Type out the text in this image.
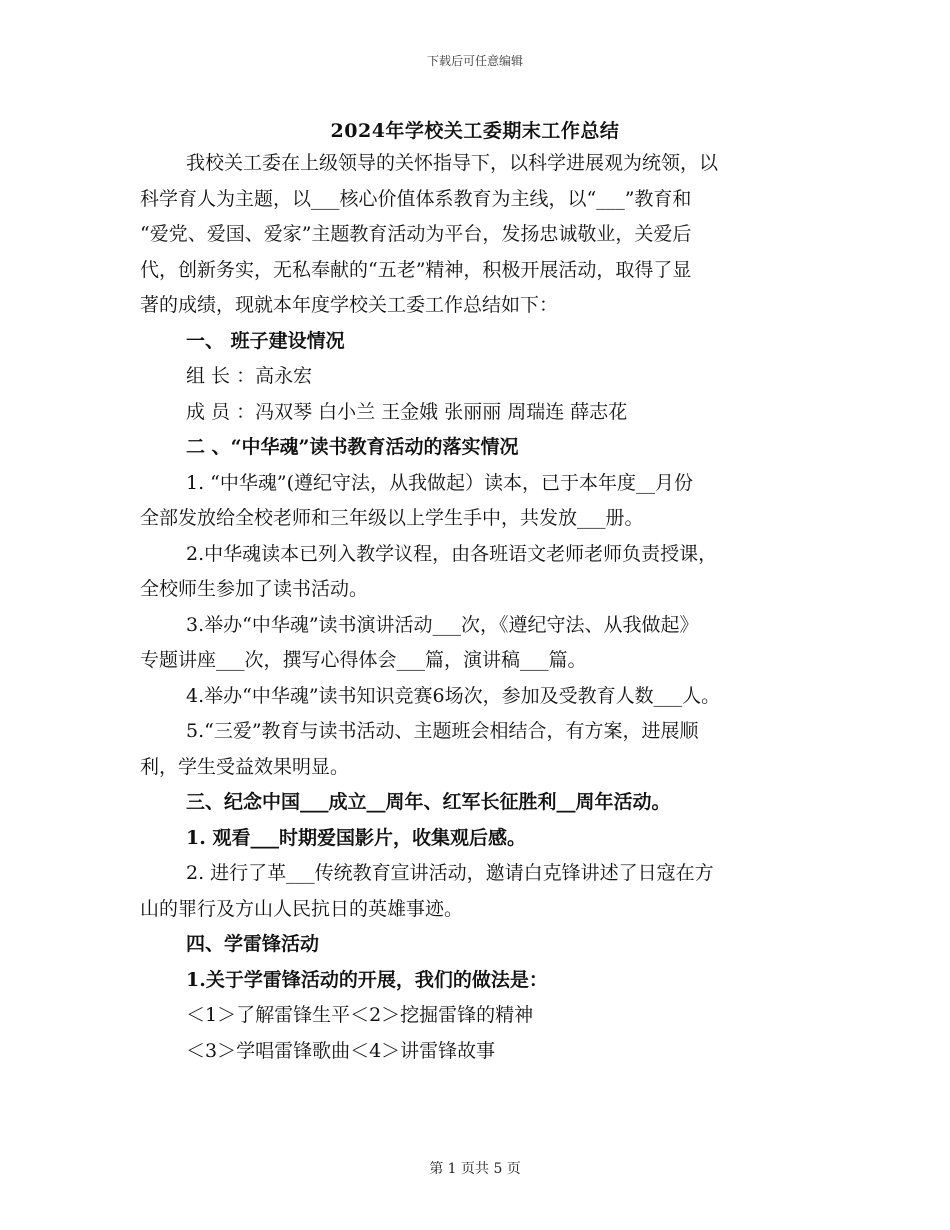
下载后可任意编辑
2024年学校关工委期末工作总结
我校关工委在上级领导的关怀指导下，以科学进展观为统领，以
科学育人为主题，以___核心价值体系教育为主线，以“___”教育和
“爱党、爱国、爱家”主题教育活动为平台，发扬忠诚敬业，关爱后
代，创新务实，无私奉献的“五老”精神，积极开展活动，取得了显
著的成绩，现就本年度学校关工委工作总结如下：
一、 班子建设情况
组 长 ：高永宏
成 员 ：冯双琴 白小兰 王金娥 张丽丽 周瑞连 薛志花
二 、“中华魂”读书教育活动的落实情况
1. “中华魂”(遵纪守法，从我做起）读本，已于本年度__月份
全部发放给全校老师和三年级以上学生手中，共发放___册。
2.中华魂读本已列入教学议程，由各班语文老师老师负责授课，
全校师生参加了读书活动。
3.举办“中华魂”读书演讲活动___次，《遵纪守法、从我做起》
专题讲座___次，撰写心得体会___篇，演讲稿___篇。
4.举办“中华魂”读书知识竞赛6场次，参加及受教育人数___人。
5.“三爱”教育与读书活动、主题班会相结合，有方案，进展顺
利，学生受益效果明显。
三、纪念中国___成立__周年、红军长征胜利__周年活动。
1. 观看___时期爱国影片，收集观后感。
2. 进行了革___传统教育宣讲活动，邀请白克锋讲述了日寇在方
山的罪行及方山人民抗日的英雄事迹。
四、学雷锋活动
1.关于学雷锋活动的开展，我们的做法是：
＜1＞了解雷锋生平＜2＞挖掘雷锋的精神
＜3＞学唱雷锋歌曲＜4＞讲雷锋故事
第 1 页共 5 页
